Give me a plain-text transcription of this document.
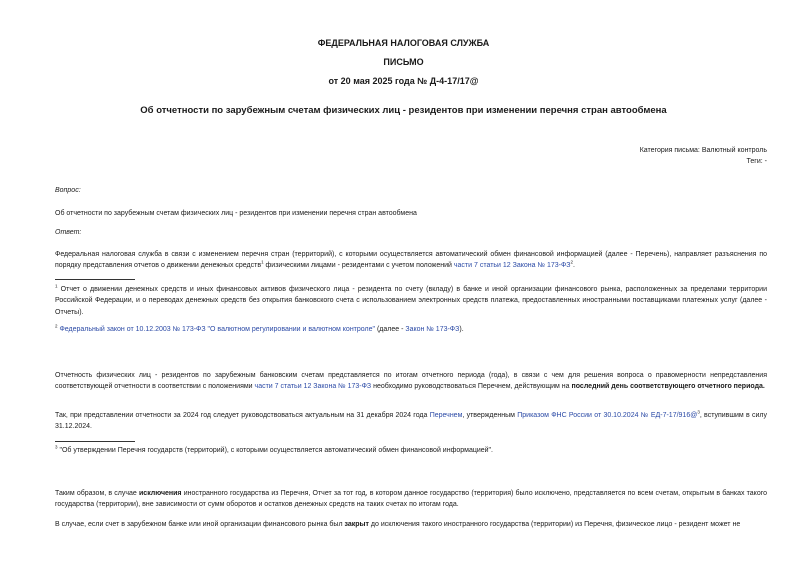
ФЕДЕРАЛЬНАЯ НАЛОГОВАЯ СЛУЖБА
ПИСЬМО
от 20 мая 2025 года № Д-4-17/17@
Об отчетности по зарубежным счетам физических лиц - резидентов при изменении перечня стран автообмена
Категория письма: Валютный контроль
Теги: -
Вопрос:
Об отчетности по зарубежным счетам физических лиц - резидентов при изменении перечня стран автообмена
Ответ:
Федеральная налоговая служба в связи с изменением перечня стран (территорий), с которыми осуществляется автоматический обмен финансовой информацией (далее - Перечень), направляет разъяснения по порядку представления отчетов о движении денежных средств$^1$ физическими лицами - резидентами с учетом положений части 7 статьи 12 Закона № $173-ФЗ^2$.
$^1$ Отчет о движении денежных средств и иных финансовых активов физического лица - резидента по счету (вкладу) в банке и иной организации финансового рынка, расположенных за пределами территории Российской Федерации, и о переводах денежных средств без открытия банковского счета с использованием электронных средств платежа, предоставленных иностранными поставщиками платежных услуг (далее - Отчеты).
$^2$ Федеральный закон от 10.12.2003 № 173-ФЗ "О валютном регулировании и валютном контроле" (далее - Закон № 173-ФЗ).
Отчетность физических лиц - резидентов по зарубежным банковским счетам представляется по итогам отчетного периода (года), в связи с чем для решения вопроса о правомерности непредставления соответствующей отчетности в соответствии с положениями части 7 статьи 12 Закона № 173-ФЗ необходимо руководствоваться Перечнем, действующим на последний день соответствующего отчетного периода.
Так, при представлении отчетности за 2024 год следует руководствоваться актуальным на 31 декабря 2024 года Перечнем, утвержденным Приказом ФНС России от 30.10.2024 № ЕД-7-17/916@$^3$, вступившим в силу 31.12.2024.
$^3$ "Об утверждении Перечня государств (территорий), с которыми осуществляется автоматический обмен финансовой информацией".
Таким образом, в случае исключения иностранного государства из Перечня, Отчет за тот год, в котором данное государство (территория) было исключено, представляется по всем счетам, открытым в банках такого государства (территории), вне зависимости от сумм оборотов и остатков денежных средств на таких счетах по итогам года.
В случае, если счет в зарубежном банке или иной организации финансового рынка был закрыт до исключения такого иностранного государства (территории) из Перечня, физическое лицо - резидент может не
